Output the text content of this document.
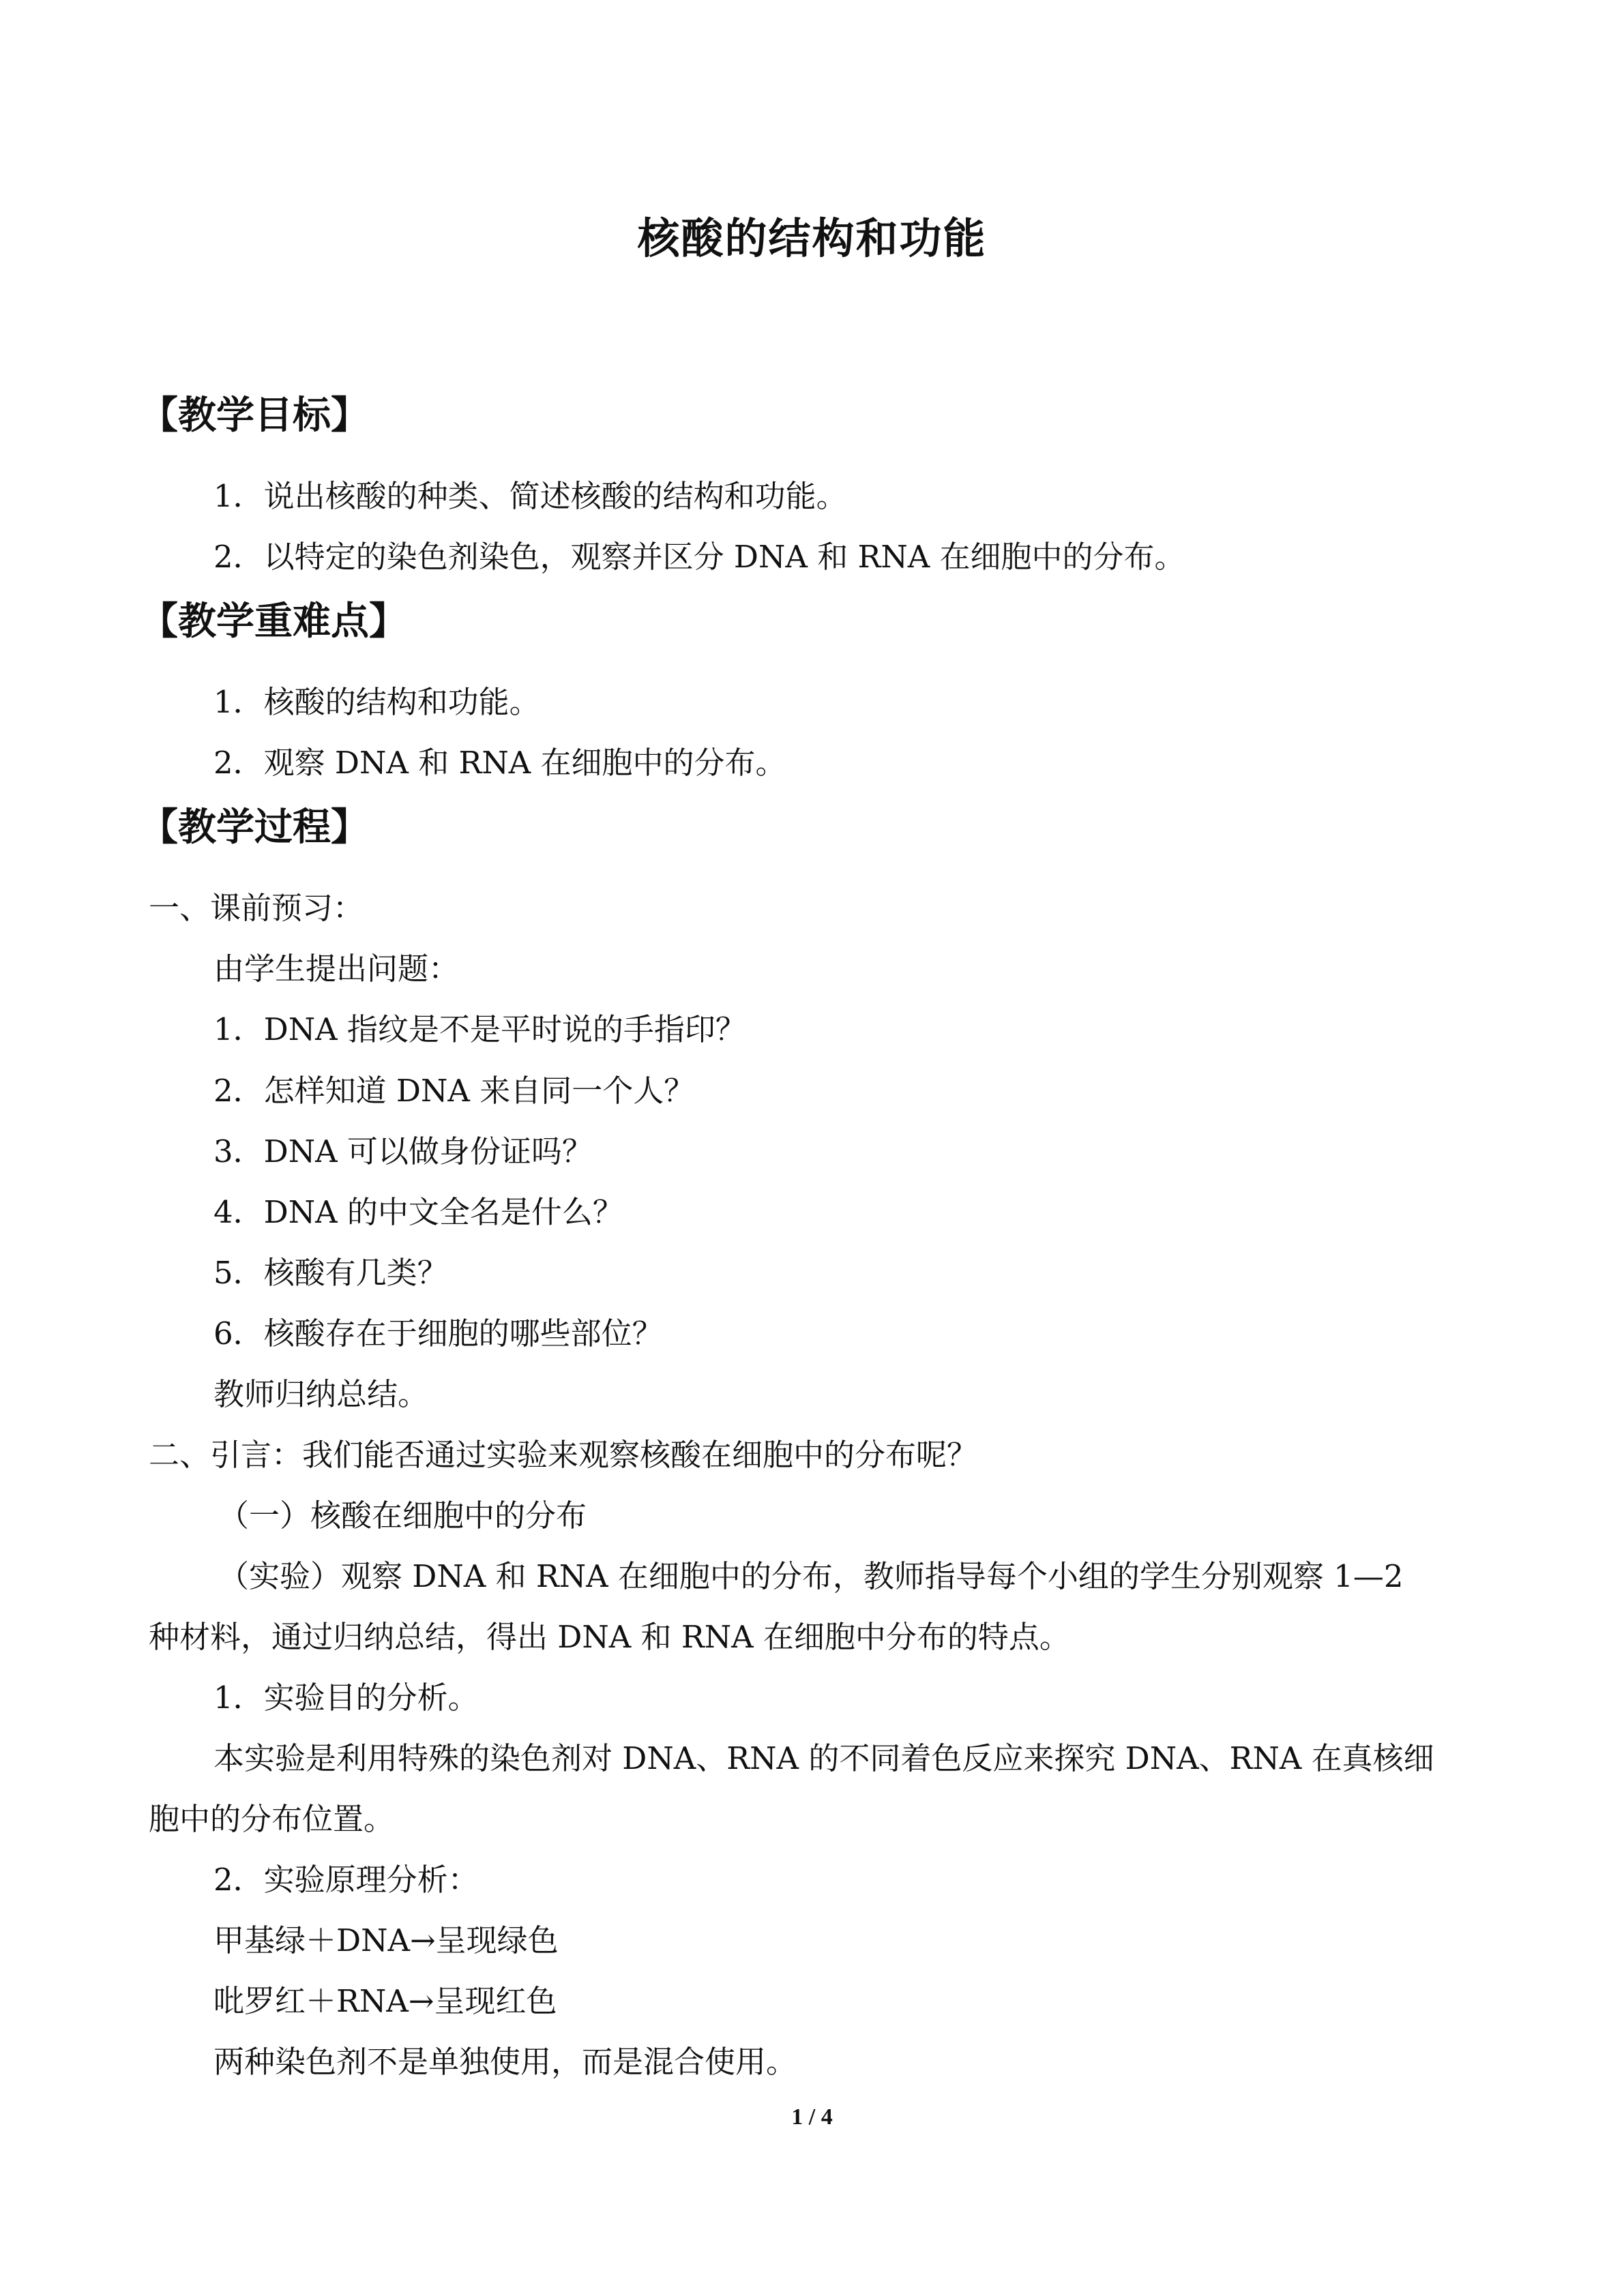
核酸的结构和功能
【教学目标】
1．说出核酸的种类、简述核酸的结构和功能。
2．以特定的染色剂染色，观察并区分 DNA 和 RNA 在细胞中的分布。
【教学重难点】
1．核酸的结构和功能。
2．观察 DNA 和 RNA 在细胞中的分布。
【教学过程】
一、课前预习：
由学生提出问题：
1．DNA 指纹是不是平时说的手指印？
2．怎样知道 DNA 来自同一个人？
3．DNA 可以做身份证吗？
4．DNA 的中文全名是什么？
5．核酸有几类？
6．核酸存在于细胞的哪些部位？
教师归纳总结。
二、引言：我们能否通过实验来观察核酸在细胞中的分布呢？
（一）核酸在细胞中的分布
（实验）观察 DNA 和 RNA 在细胞中的分布，教师指导每个小组的学生分别观察 1—2
种材料，通过归纳总结，得出 DNA 和 RNA 在细胞中分布的特点。
1．实验目的分析。
本实验是利用特殊的染色剂对 DNA、RNA 的不同着色反应来探究 DNA、RNA 在真核细
胞中的分布位置。
2．实验原理分析：
甲基绿＋DNA→呈现绿色
吡罗红＋RNA→呈现红色
两种染色剂不是单独使用，而是混合使用。
1 / 4
